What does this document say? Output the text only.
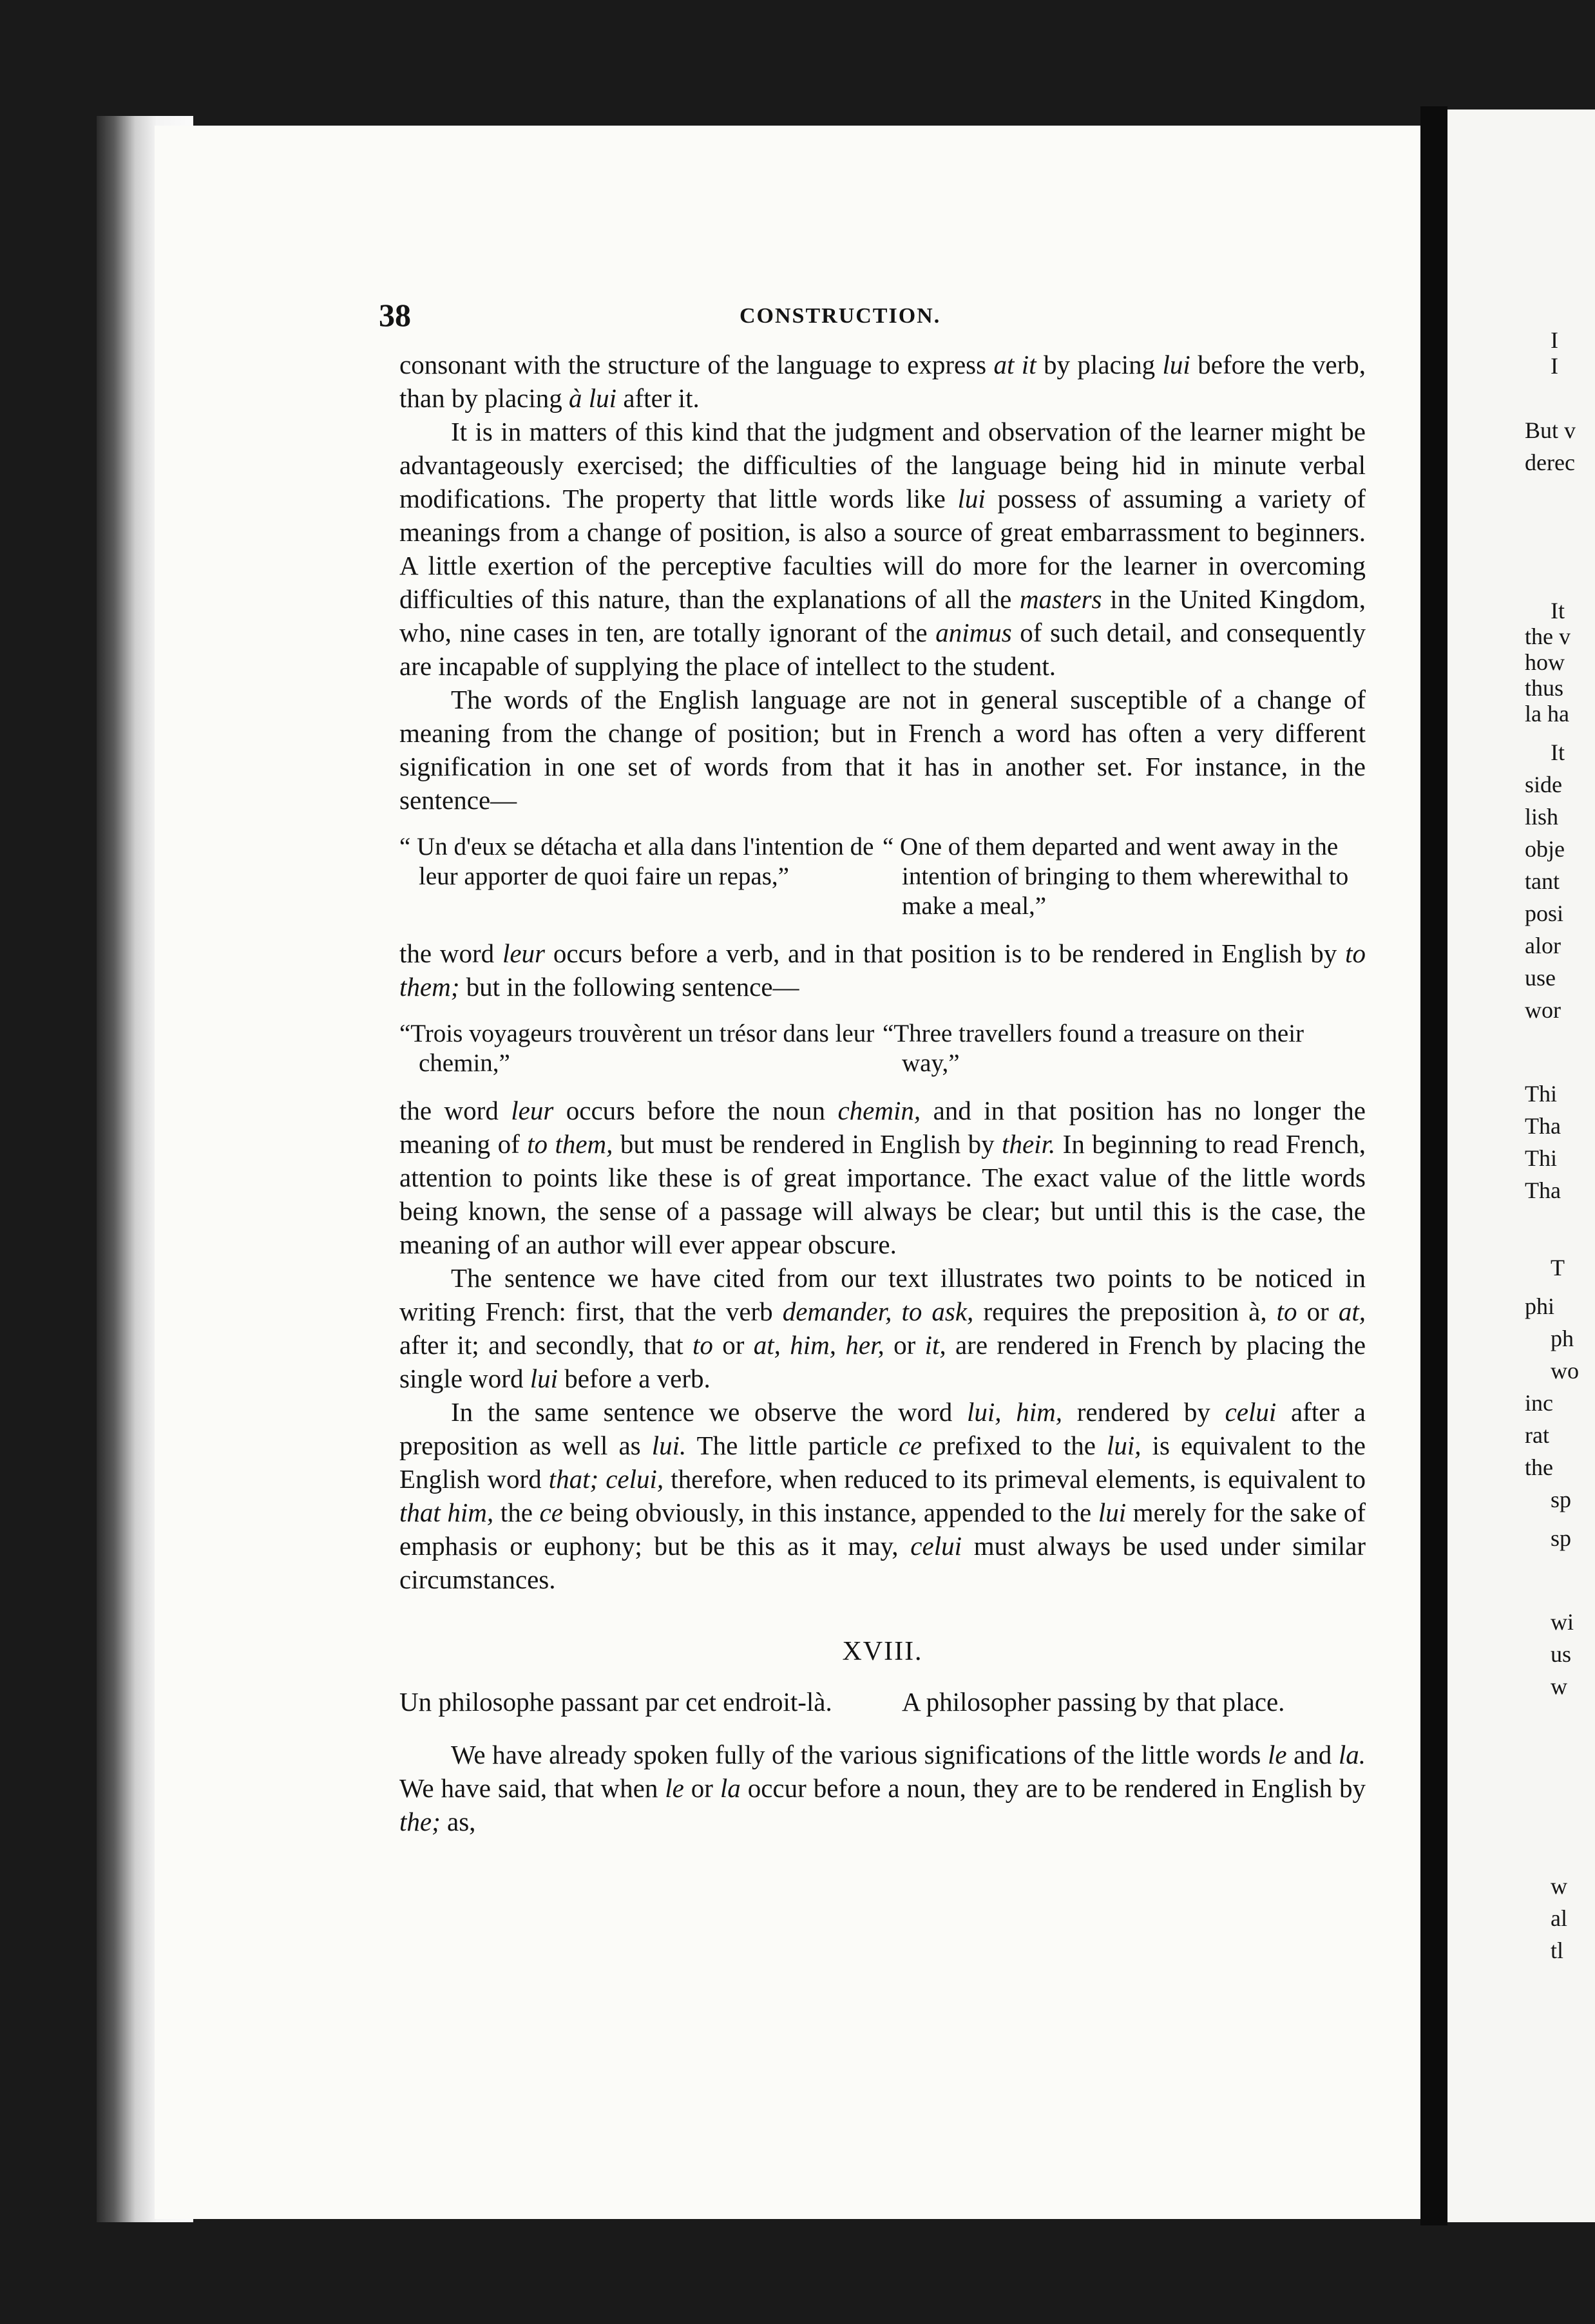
I
I
But v
derec
It
the v
how
thus
la ha
It
side
lish
obje
tant
posi
alor
use
wor
Thi
Tha
Thi
Tha
T
phi
ph
wo
inc
rat
the
sp
sp
wi
us
w
w
al
tl
38	CONSTRUCTION.

consonant with the structure of the language to express at it by placing lui before the verb, than by placing à lui after it.

It is in matters of this kind that the judgment and observation of the learner might be advantageously exercised; the difficulties of the language being hid in minute verbal modifications. The property that little words like lui possess of assuming a variety of meanings from a change of position, is also a source of great embarrassment to beginners. A little exertion of the perceptive faculties will do more for the learner in overcoming difficulties of this nature, than the explanations of all the masters in the United Kingdom, who, nine cases in ten, are totally ignorant of the animus of such detail, and consequently are incapable of supplying the place of intellect to the student.

The words of the English language are not in general susceptible of a change of meaning from the change of position; but in French a word has often a very different signification in one set of words from that it has in another set. For instance, in the sentence—

“ Un d'eux se détacha et alla dans l'intention de leur apporter de quoi faire un repas,”
“ One of them departed and went away in the intention of bringing to them wherewithal to make a meal,”

the word leur occurs before a verb, and in that position is to be rendered in English by to them; but in the following sentence—

“Trois voyageurs trouvèrent un trésor dans leur chemin,”
“Three travellers found a treasure on their way,”

the word leur occurs before the noun chemin, and in that position has no longer the meaning of to them, but must be rendered in English by their. In beginning to read French, attention to points like these is of great importance. The exact value of the little words being known, the sense of a passage will always be clear; but until this is the case, the meaning of an author will ever appear obscure.

The sentence we have cited from our text illustrates two points to be noticed in writing French: first, that the verb demander, to ask, requires the preposition à, to or at, after it; and secondly, that to or at, him, her, or it, are rendered in French by placing the single word lui before a verb.

In the same sentence we observe the word lui, him, rendered by celui after a preposition as well as lui. The little particle ce prefixed to the lui, is equivalent to the English word that; celui, therefore, when reduced to its primeval elements, is equivalent to that him, the ce being obviously, in this instance, appended to the lui merely for the sake of emphasis or euphony; but be this as it may, celui must always be used under similar circumstances.

XVIII.
Un philosophe passant par cet endroit-là.	A philosopher passing by that place.

We have already spoken fully of the various significations of the little words le and la. We have said, that when le or la occur before a noun, they are to be rendered in English by the; as,
